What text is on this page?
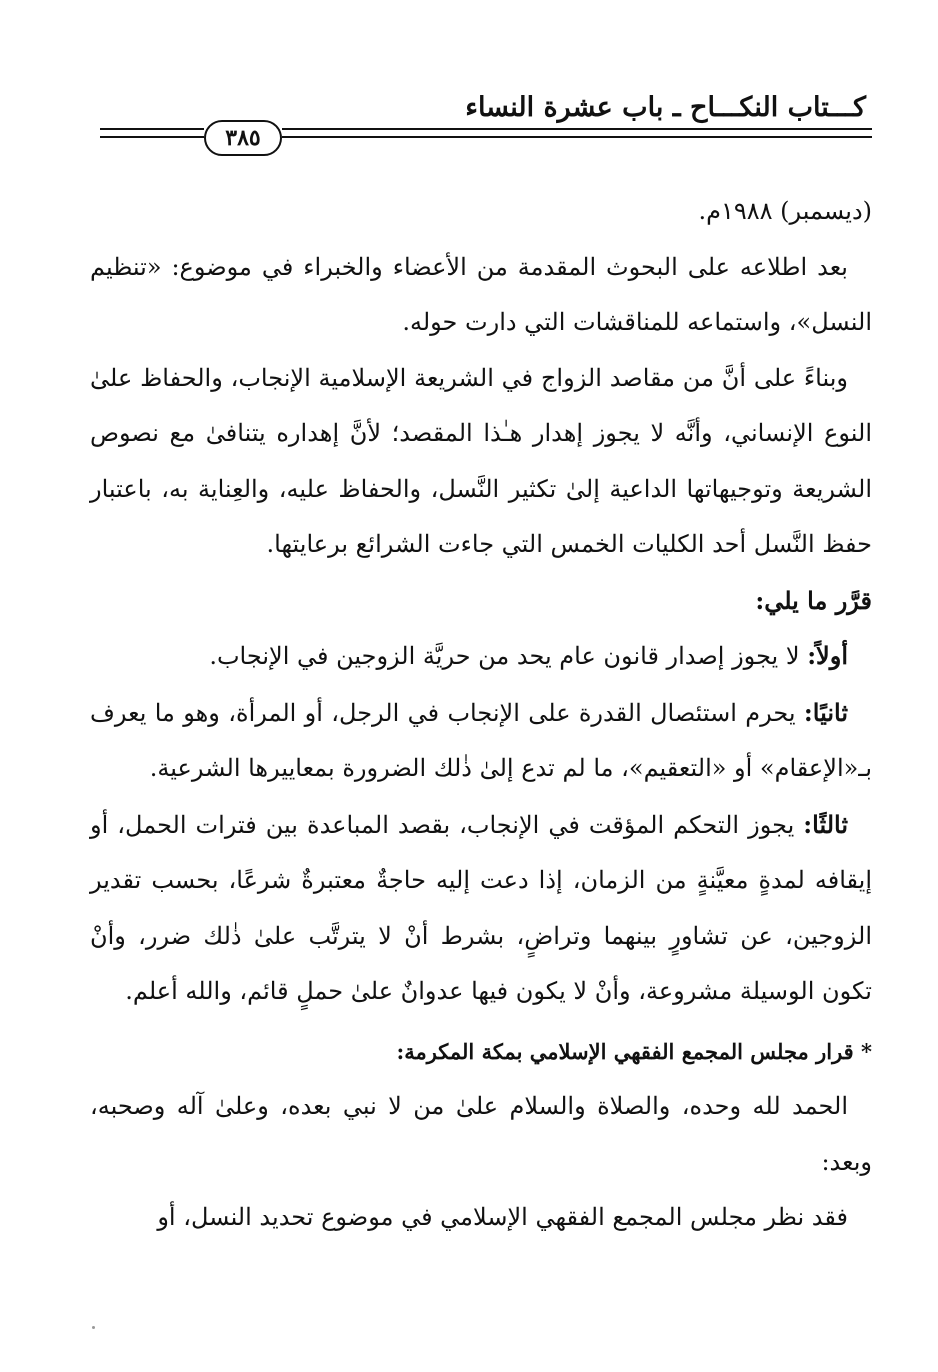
كـــتاب النكـــاح ـ باب عشرة النساء
٣٨٥

(ديسمبر) ١٩٨٨م.

بعد اطلاعه على البحوث المقدمة من الأعضاء والخبراء في موضوع: «تنظيم النسل»، واستماعه للمناقشات التي دارت حوله.

وبناءً على أنَّ من مقاصد الزواج في الشريعة الإسلامية الإنجاب، والحفاظ علىٰ النوع الإنساني، وأنَّه لا يجوز إهدار هـٰذا المقصد؛ لأنَّ إهداره يتنافىٰ مع نصوص الشريعة وتوجيهاتها الداعية إلىٰ تكثير النَّسل، والحفاظ عليه، والعِناية به، باعتبار حفظ النَّسل أحد الكليات الخمس التي جاءت الشرائع برعايتها.

قرَّر ما يلي:

أولاً: لا يجوز إصدار قانون عام يحد من حريَّة الزوجين في الإنجاب.

ثانيًا: يحرم استئصال القدرة على الإنجاب في الرجل، أو المرأة، وهو ما يعرف بـ«الإعقام» أو «التعقيم»، ما لم تدع إلىٰ ذٰلك الضرورة بمعاييرها الشرعية.

ثالثًا: يجوز التحكم المؤقت في الإنجاب، بقصد المباعدة بين فترات الحمل، أو إيقافه لمدةٍ معيَّنةٍ من الزمان، إذا دعت إليه حاجةٌ معتبرةٌ شرعًا، بحسب تقدير الزوجين، عن تشاورٍ بينهما وتراضٍ، بشرط أنْ لا يترتَّب علىٰ ذٰلك ضرر، وأنْ تكون الوسيلة مشروعة، وأنْ لا يكون فيها عدوانٌ علىٰ حملٍ قائم، والله أعلم.

* قرار مجلس المجمع الفقهي الإسلامي بمكة المكرمة:

الحمد لله وحده، والصلاة والسلام علىٰ من لا نبي بعده، وعلىٰ آله وصحبه، وبعد:

فقد نظر مجلس المجمع الفقهي الإسلامي في موضوع تحديد النسل، أو
